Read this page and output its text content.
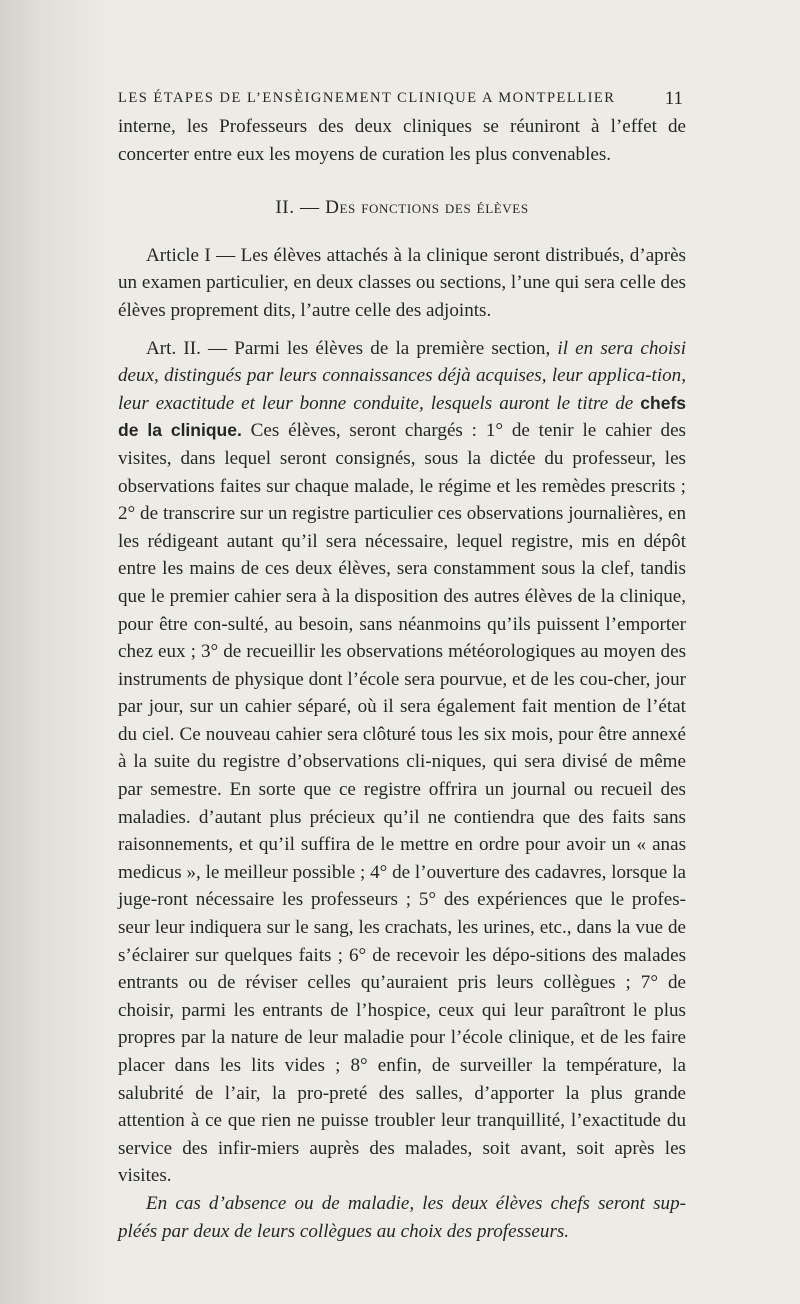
LES ÉTAPES DE L’ENSÈIGNEMENT CLINIQUE A MONTPELLIER	11

interne, les Professeurs des deux cliniques se réuniront à l’effet de concerter entre eux les moyens de curation les plus convenables.

II. — Des fonctions des élèves

Article I — Les élèves attachés à la clinique seront distribués, d’après un examen particulier, en deux classes ou sections, l’une qui sera celle des élèves proprement dits, l’autre celle des adjoints.

Art. II. — Parmi les élèves de la première section, il en sera choisi deux, distingués par leurs connaissances déjà acquises, leur applica-tion, leur exactitude et leur bonne conduite, lesquels auront le titre de chefs de la clinique. Ces élèves, seront chargés : 1° de tenir le cahier des visites, dans lequel seront consignés, sous la dictée du professeur, les observations faites sur chaque malade, le régime et les remèdes prescrits ; 2° de transcrire sur un registre particulier ces observations journalières, en les rédigeant autant qu’il sera nécessaire, lequel registre, mis en dépôt entre les mains de ces deux élèves, sera constamment sous la clef, tandis que le premier cahier sera à la disposition des autres élèves de la clinique, pour être con-sulté, au besoin, sans néanmoins qu’ils puissent l’emporter chez eux ; 3° de recueillir les observations météorologiques au moyen des instruments de physique dont l’école sera pourvue, et de les cou-cher, jour par jour, sur un cahier séparé, où il sera également fait mention de l’état du ciel. Ce nouveau cahier sera clôturé tous les six mois, pour être annexé à la suite du registre d’observations cli-niques, qui sera divisé de même par semestre. En sorte que ce registre offrira un journal ou recueil des maladies. d’autant plus précieux qu’il ne contiendra que des faits sans raisonnements, et qu’il suffira de le mettre en ordre pour avoir un « anas medicus », le meilleur possible ; 4° de l’ouverture des cadavres, lorsque la juge-ront nécessaire les professeurs ; 5° des expériences que le profes-seur leur indiquera sur le sang, les crachats, les urines, etc., dans la vue de s’éclairer sur quelques faits ; 6° de recevoir les dépo-sitions des malades entrants ou de réviser celles qu’auraient pris leurs collègues ; 7° de choisir, parmi les entrants de l’hospice, ceux qui leur paraîtront le plus propres par la nature de leur maladie pour l’école clinique, et de les faire placer dans les lits vides ; 8° enfin, de surveiller la température, la salubrité de l’air, la pro-preté des salles, d’apporter la plus grande attention à ce que rien ne puisse troubler leur tranquillité, l’exactitude du service des infir-miers auprès des malades, soit avant, soit après les visites.

En cas d’absence ou de maladie, les deux élèves chefs seront sup-pléés par deux de leurs collègues au choix des professeurs.
